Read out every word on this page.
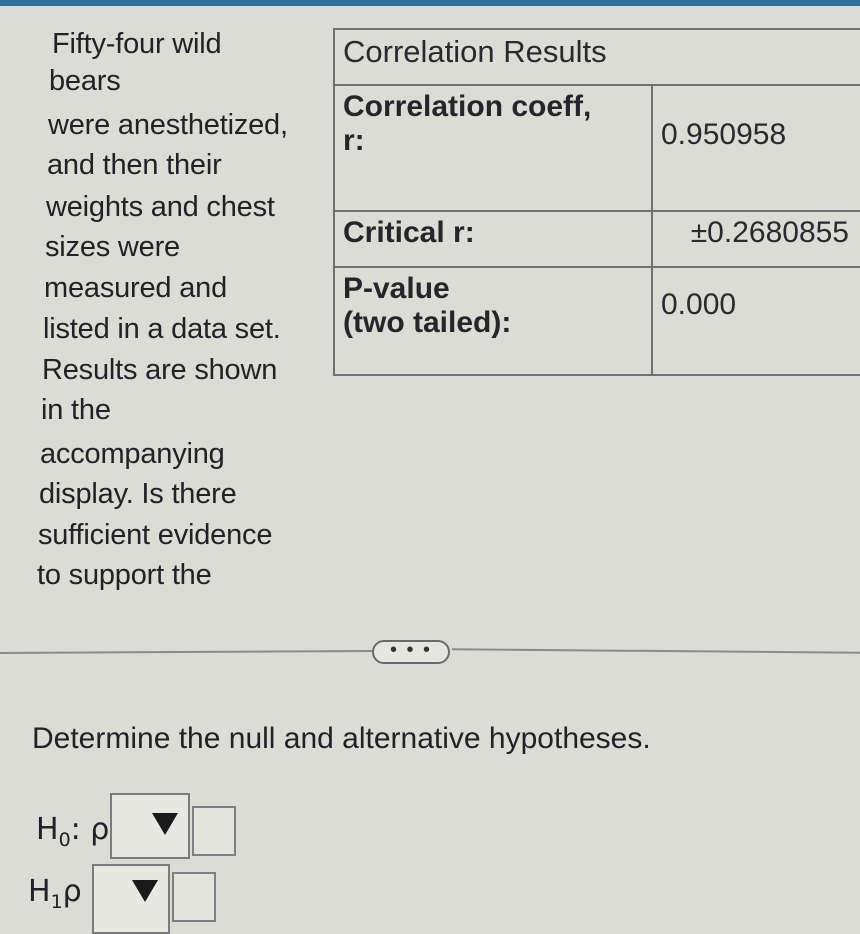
Fifty-four wild
bears
were anesthetized,
and then their
weights and chest
sizes were
measured and
listed in a data set.
Results are shown
in the
accompanying
display. Is there
sufficient evidence
to support the
Correlation Results	

Correlation coeff,
r:	0.950958
Critical r:	±0.2680855

P-value
(two tailed):	0.000
• • •
Determine the null and alternative hypotheses.
$H_0$: ρ
$H_1\rho$
